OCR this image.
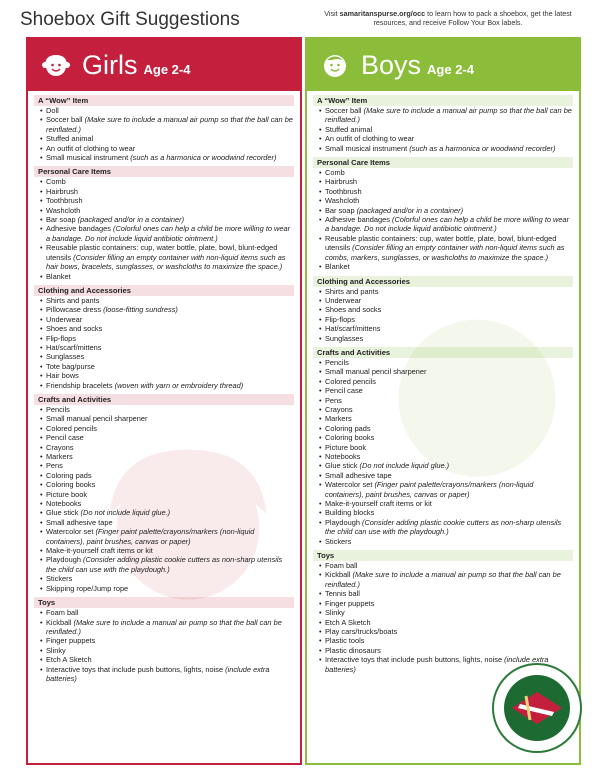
Shoebox Gift Suggestions	Visit samaritanspurse.org/occ to learn how to pack a shoebox, get the latest resources, and receive Follow Your Box labels.
Girls Age 2-4
A “Wow” Item
• Doll
• Soccer ball (Make sure to include a manual air pump so that the ball can be reinflated.)
• Stuffed animal
• An outfit of clothing to wear
• Small musical instrument (such as a harmonica or woodwind recorder)
Personal Care Items
• Comb
• Hairbrush
• Toothbrush
• Washcloth
• Bar soap (packaged and/or in a container)
• Adhesive bandages (Colorful ones can help a child be more willing to wear a bandage. Do not include liquid antibiotic ointment.)
• Reusable plastic containers: cup, water bottle, plate, bowl, blunt-edged utensils (Consider filling an empty container with non-liquid items such as hair bows, bracelets, sunglasses, or washcloths to maximize the space.)
• Blanket
Clothing and Accessories
• Shirts and pants
• Pillowcase dress (loose-fitting sundress)
• Underwear
• Shoes and socks
• Flip-flops
• Hat/scarf/mittens
• Sunglasses
• Tote bag/purse
• Hair bows
• Friendship bracelets (woven with yarn or embroidery thread)
Crafts and Activities
• Pencils
• Small manual pencil sharpener
• Colored pencils
• Pencil case
• Crayons
• Markers
• Pens
• Coloring pads
• Coloring books
• Picture book
• Notebooks
• Glue stick (Do not include liquid glue.)
• Small adhesive tape
• Watercolor set (Finger paint palette/crayons/markers (non-liquid containers), paint brushes, canvas or paper)
• Make-it-yourself craft items or kit
• Playdough (Consider adding plastic cookie cutters as non-sharp utensils the child can use with the playdough.)
• Stickers
• Skipping rope/Jump rope
Toys
• Foam ball
• Kickball (Make sure to include a manual air pump so that the ball can be reinflated.)
• Finger puppets
• Slinky
• Etch A Sketch
• Interactive toys that include push buttons, lights, noise (include extra batteries)
Boys Age 2-4
A “Wow” Item
• Soccer ball (Make sure to include a manual air pump so that the ball can be reinflated.)
• Stuffed animal
• An outfit of clothing to wear
• Small musical instrument (such as a harmonica or woodwind recorder)
Personal Care Items
• Comb
• Hairbrush
• Toothbrush
• Washcloth
• Bar soap (packaged and/or in a container)
• Adhesive bandages (Colorful ones can help a child be more willing to wear a bandage. Do not include liquid antibiotic ointment.)
• Reusable plastic containers: cup, water bottle, plate, bowl, blunt-edged utensils (Consider filling an empty container with non-liquid items such as combs, markers, sunglasses, or washcloths to maximize the space.)
• Blanket
Clothing and Accessories
• Shirts and pants
• Underwear
• Shoes and socks
• Flip-flops
• Hat/scarf/mittens
• Sunglasses
Crafts and Activities
• Pencils
• Small manual pencil sharpener
• Colored pencils
• Pencil case
• Pens
• Crayons
• Markers
• Coloring pads
• Coloring books
• Picture book
• Notebooks
• Glue stick (Do not include liquid glue.)
• Small adhesive tape
• Watercolor set (Finger paint palette/crayons/markers (non-liquid containers), paint brushes, canvas or paper)
• Make-it-yourself craft items or kit
• Building blocks
• Playdough (Consider adding plastic cookie cutters as non-sharp utensils the child can use with the playdough.)
• Stickers
Toys
• Foam ball
• Kickball (Make sure to include a manual air pump so that the ball can be reinflated.)
• Tennis ball
• Finger puppets
• Slinky
• Etch A Sketch
• Play cars/trucks/boats
• Plastic tools
• Plastic dinosaurs
• Interactive toys that include push buttons, lights, noise (include extra batteries)
